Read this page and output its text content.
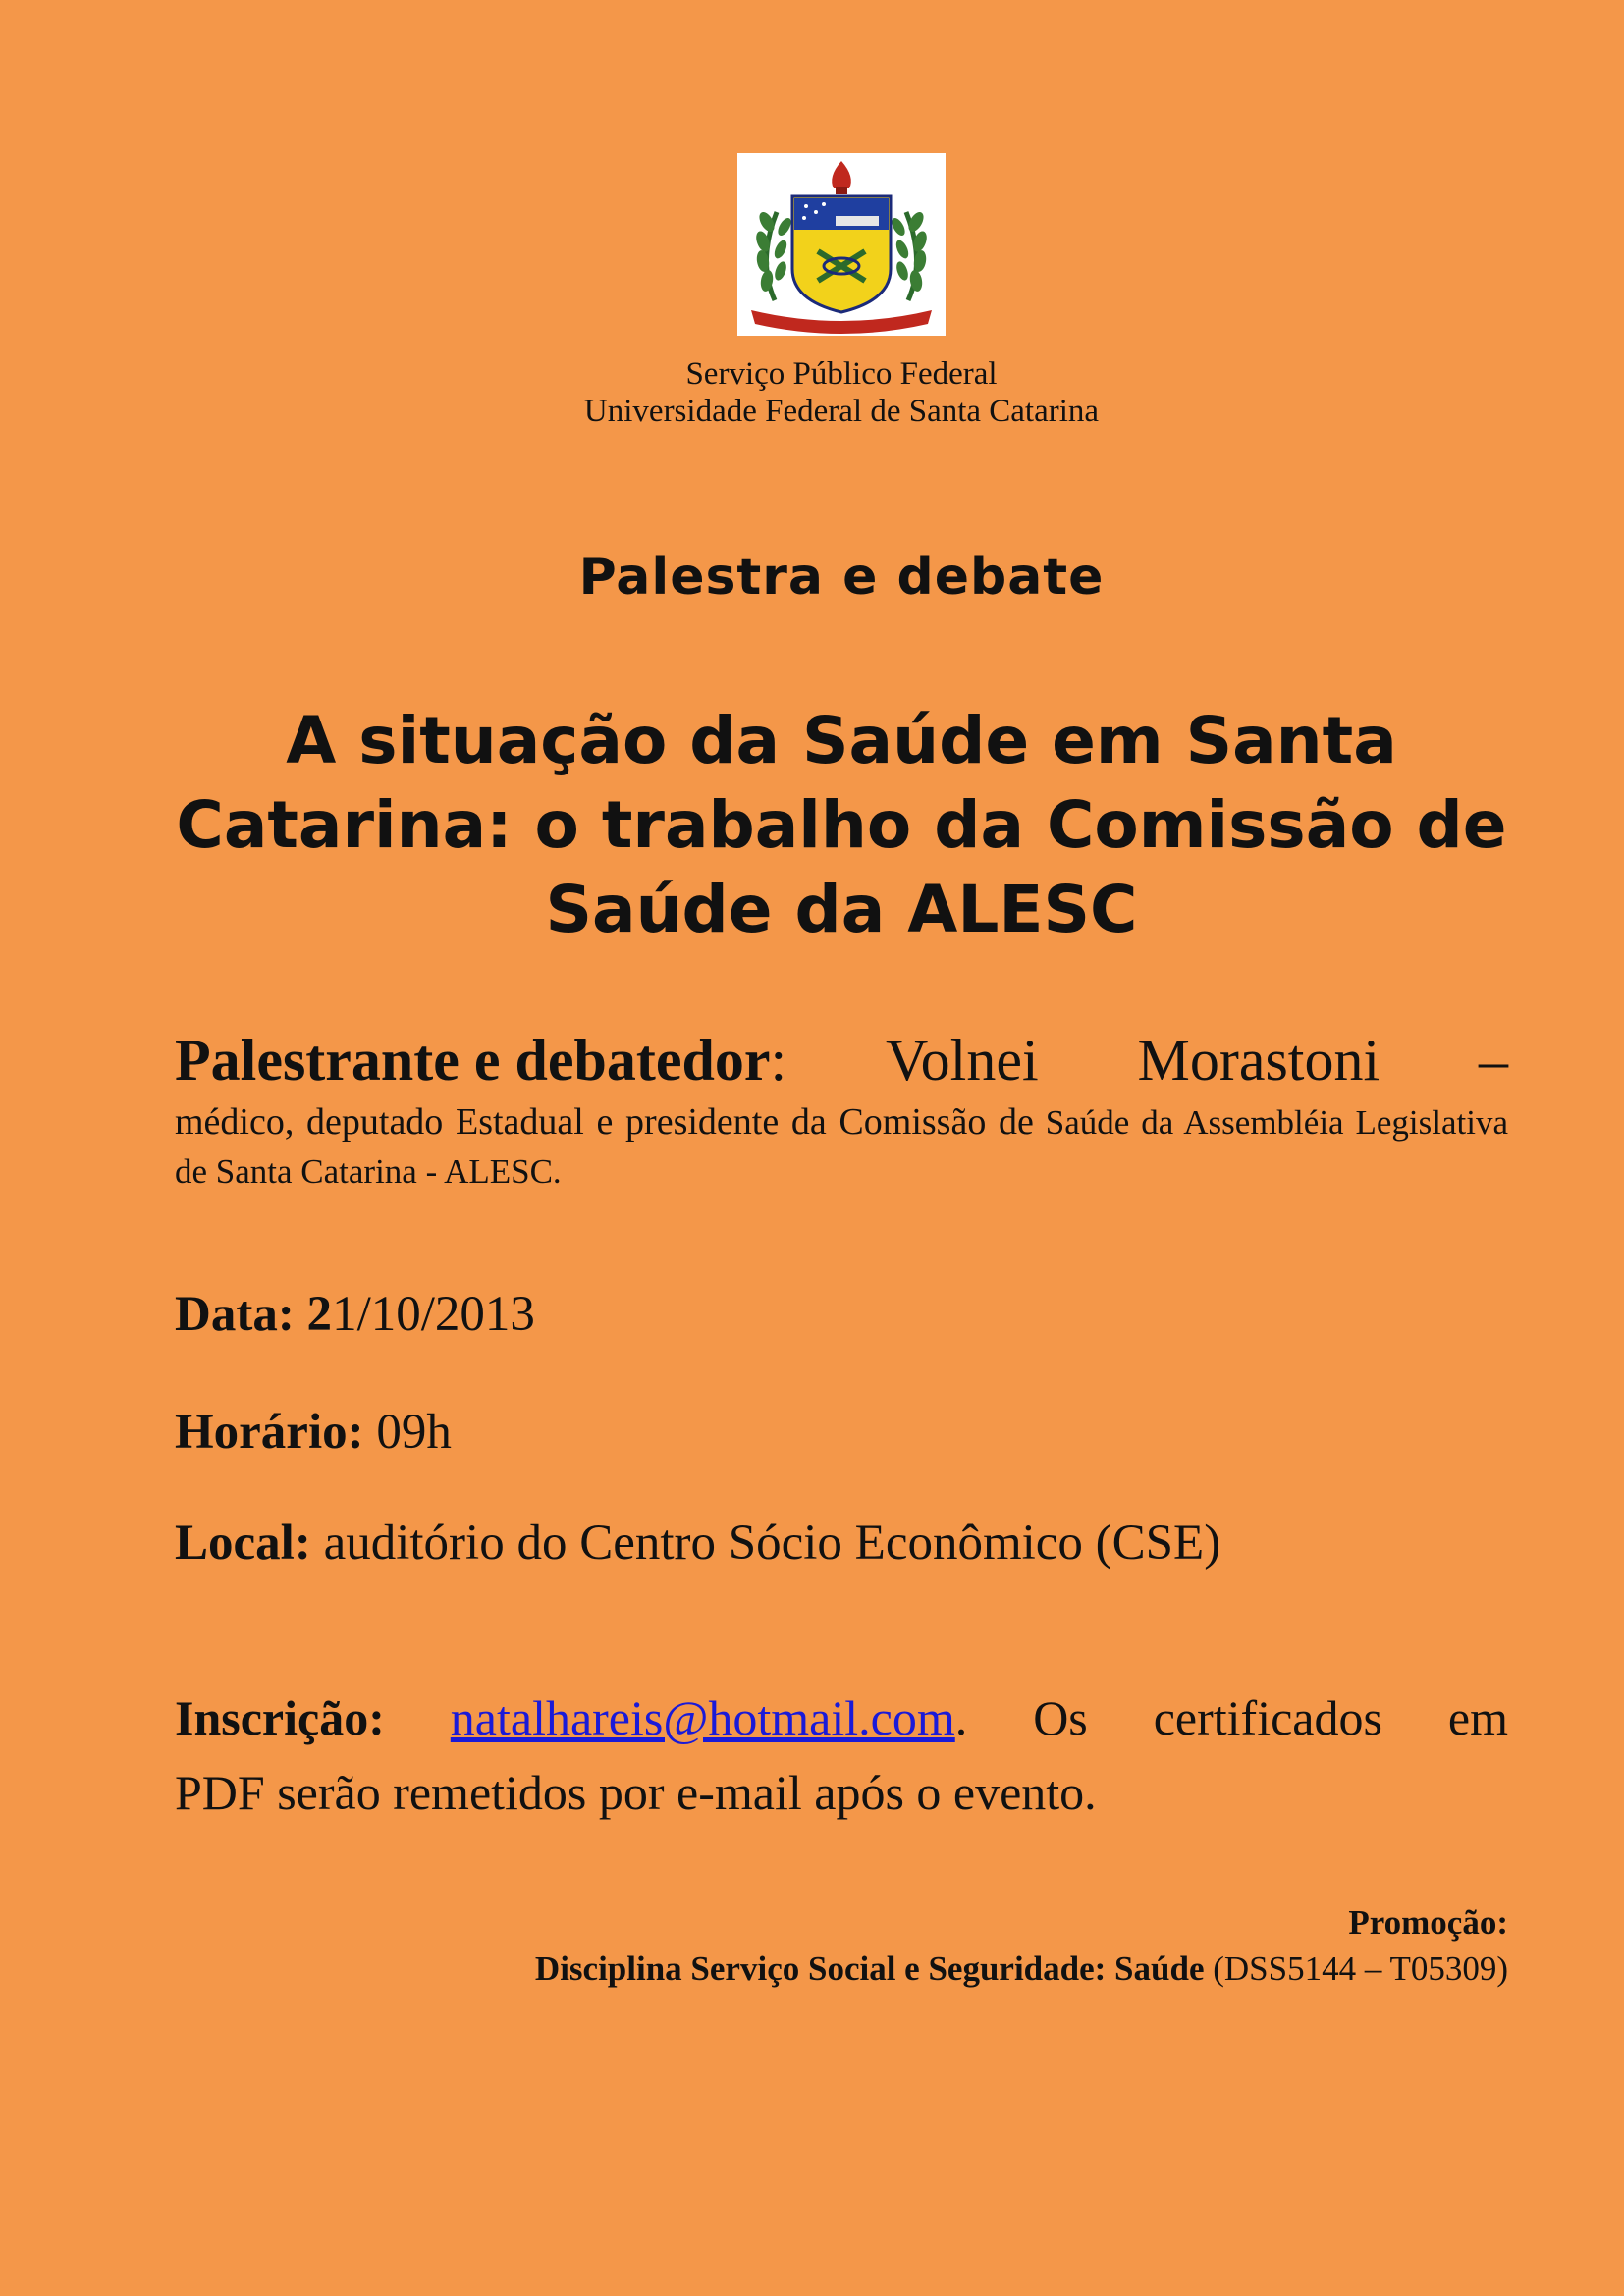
Serviço Público Federal
Universidade Federal de Santa Catarina
Palestra e debate
A situação da Saúde em Santa
Catarina: o trabalho da Comissão de
Saúde da ALESC
Palestrante e debatedor: Volnei Morastoni –
médico, deputado Estadual e presidente da Comissão de Saúde da Assembléia Legislativa de Santa Catarina - ALESC.
Data: 21/10/2013
Horário: 09h
Local: auditório do Centro Sócio Econômico (CSE)
Inscrição: natalhareis@hotmail.com. Os certificados em
PDF serão remetidos por e-mail após o evento.
Promoção:
Disciplina Serviço Social e Seguridade: Saúde (DSS5144 – T05309)
